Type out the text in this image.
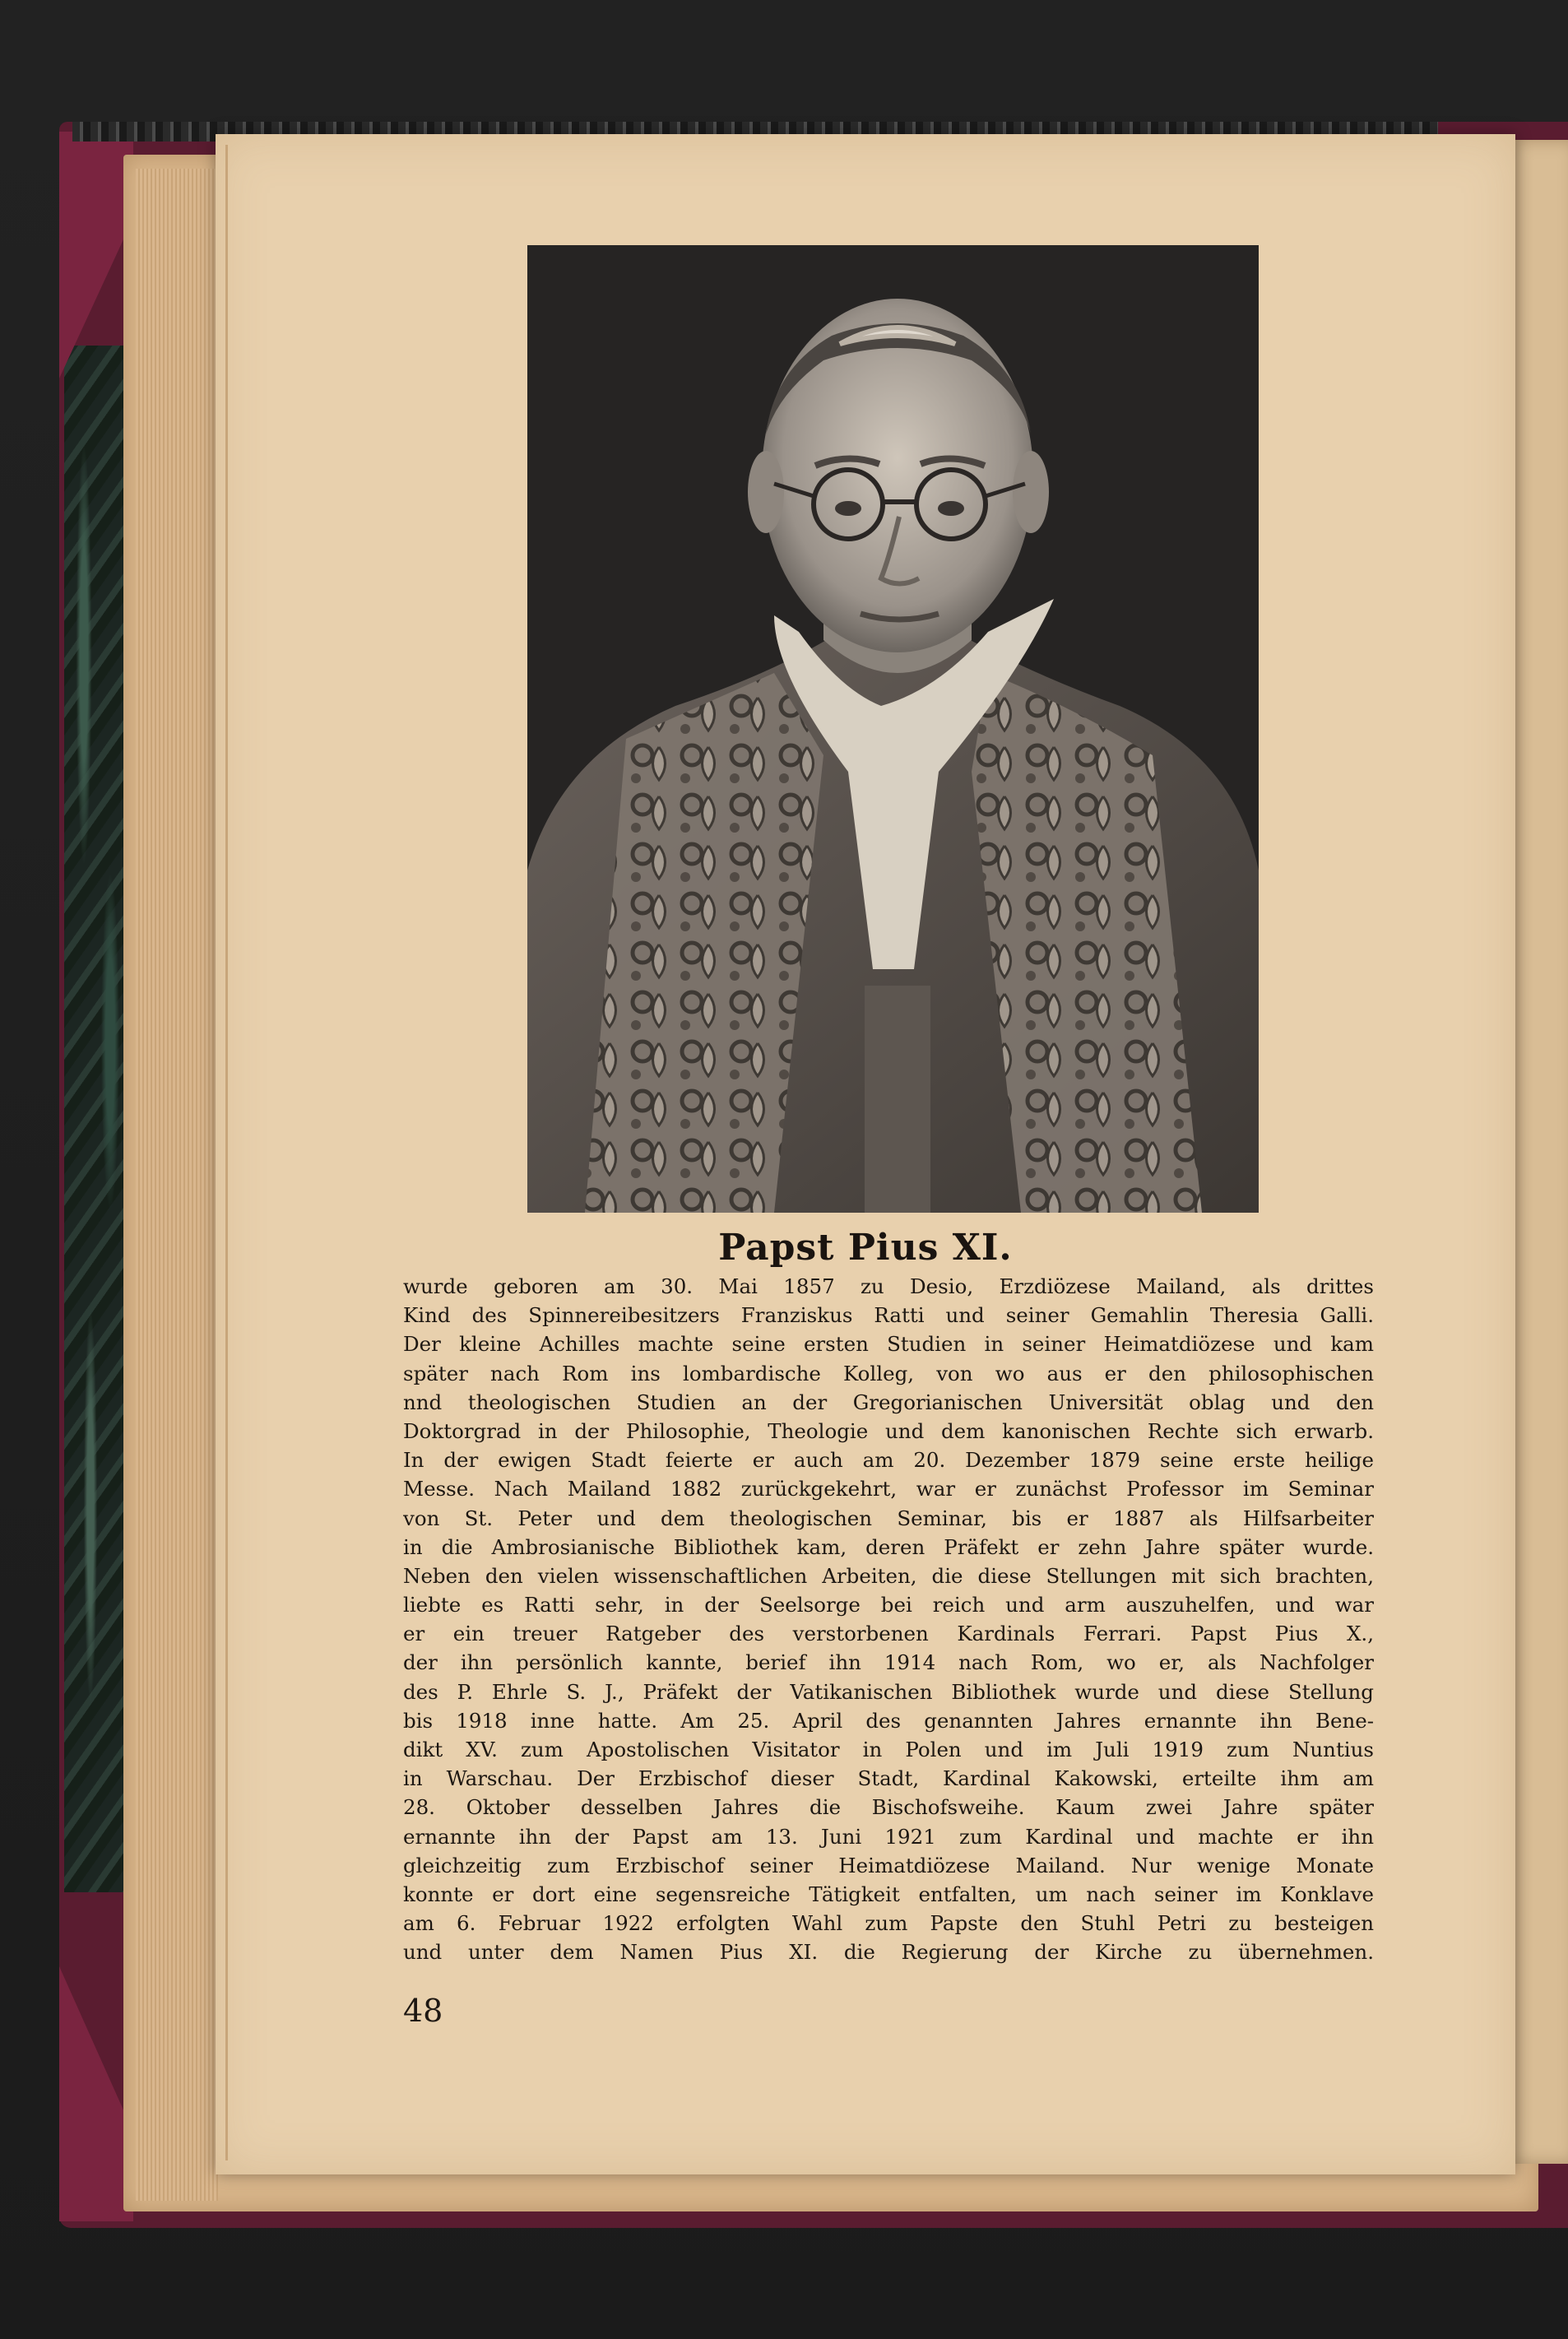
Papst Pius XI.
wurde geboren am 30. Mai 1857 zu Desio, Erzdiözese Mailand, als drittes
Kind des Spinnereibesitzers Franziskus Ratti und seiner Gemahlin Theresia Galli.
Der kleine Achilles machte seine ersten Studien in seiner Heimatdiözese und kam
später nach Rom ins lombardische Kolleg, von wo aus er den philosophischen
nnd theologischen Studien an der Gregorianischen Universität oblag und den
Doktorgrad in der Philosophie, Theologie und dem kanonischen Rechte sich erwarb.
In der ewigen Stadt feierte er auch am 20. Dezember 1879 seine erste heilige
Messe. Nach Mailand 1882 zurückgekehrt, war er zunächst Professor im Seminar
von St. Peter und dem theologischen Seminar, bis er 1887 als Hilfsarbeiter
in die Ambrosianische Bibliothek kam, deren Präfekt er zehn Jahre später wurde.
Neben den vielen wissenschaftlichen Arbeiten, die diese Stellungen mit sich brachten,
liebte es Ratti sehr, in der Seelsorge bei reich und arm auszuhelfen, und war
er ein treuer Ratgeber des verstorbenen Kardinals Ferrari. Papst Pius X.,
der ihn persönlich kannte, berief ihn 1914 nach Rom, wo er, als Nachfolger
des P. Ehrle S. J., Präfekt der Vatikanischen Bibliothek wurde und diese Stellung
bis 1918 inne hatte. Am 25. April des genannten Jahres ernannte ihn Bene-
dikt XV. zum Apostolischen Visitator in Polen und im Juli 1919 zum Nuntius
in Warschau. Der Erzbischof dieser Stadt, Kardinal Kakowski, erteilte ihm am
28. Oktober desselben Jahres die Bischofsweihe. Kaum zwei Jahre später
ernannte ihn der Papst am 13. Juni 1921 zum Kardinal und machte er ihn
gleichzeitig zum Erzbischof seiner Heimatdiözese Mailand. Nur wenige Monate
konnte er dort eine segensreiche Tätigkeit entfalten, um nach seiner im Konklave
am 6. Februar 1922 erfolgten Wahl zum Papste den Stuhl Petri zu besteigen
und unter dem Namen Pius XI. die Regierung der Kirche zu übernehmen.
48
